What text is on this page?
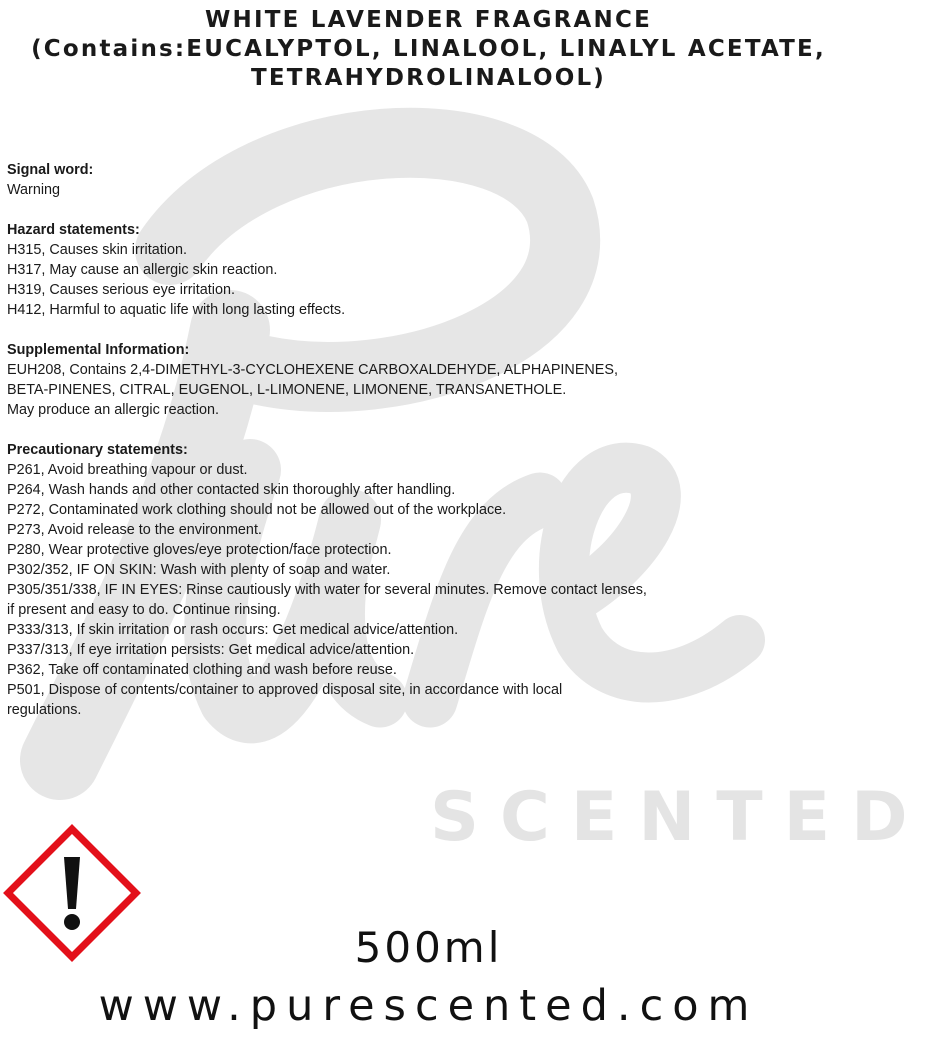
SCENTED
WHITE LAVENDER FRAGRANCE
(Contains:EUCALYPTOL, LINALOOL, LINALYL ACETATE,
TETRAHYDROLINALOOL)
Signal word:
Warning
Hazard statements:
H315, Causes skin irritation.
H317, May cause an allergic skin reaction.
H319, Causes serious eye irritation.
H412, Harmful to aquatic life with long lasting effects.
Supplemental Information:
EUH208, Contains 2,4-DIMETHYL-3-CYCLOHEXENE CARBOXALDEHYDE, ALPHAPINENES,
BETA-PINENES, CITRAL, EUGENOL, L-LIMONENE, LIMONENE, TRANSANETHOLE.
May produce an allergic reaction.
Precautionary statements:
P261, Avoid breathing vapour or dust.
P264, Wash hands and other contacted skin thoroughly after handling.
P272, Contaminated work clothing should not be allowed out of the workplace.
P273, Avoid release to the environment.
P280, Wear protective gloves/eye protection/face protection.
P302/352, IF ON SKIN: Wash with plenty of soap and water.
P305/351/338, IF IN EYES: Rinse cautiously with water for several minutes. Remove contact lenses, if present and easy to do. Continue rinsing.
P333/313, If skin irritation or rash occurs: Get medical advice/attention.
P337/313, If eye irritation persists: Get medical advice/attention.
P362, Take off contaminated clothing and wash before reuse.
P501, Dispose of contents/container to approved disposal site, in accordance with local regulations.
500ml
www.purescented.com
